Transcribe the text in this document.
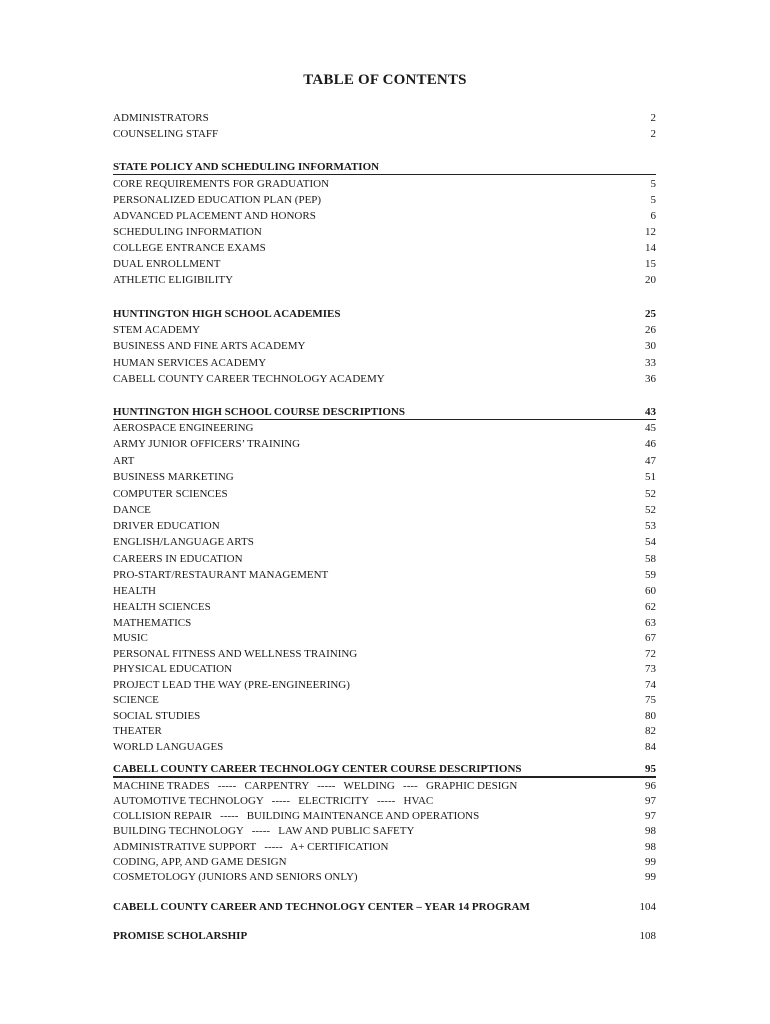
TABLE OF CONTENTS
ADMINISTRATORS	2
COUNSELING STAFF	2
STATE POLICY AND SCHEDULING INFORMATION
CORE REQUIREMENTS FOR GRADUATION	5
PERSONALIZED EDUCATION PLAN (PEP)	5
ADVANCED PLACEMENT AND HONORS	6
SCHEDULING INFORMATION	12
COLLEGE ENTRANCE EXAMS	14
DUAL ENROLLMENT	15
ATHLETIC ELIGIBILITY	20
HUNTINGTON HIGH SCHOOL ACADEMIES	25
STEM ACADEMY	26
BUSINESS AND FINE ARTS ACADEMY	30
HUMAN SERVICES ACADEMY	33
CABELL COUNTY CAREER TECHNOLOGY ACADEMY	36
HUNTINGTON HIGH SCHOOL COURSE DESCRIPTIONS	43
AEROSPACE ENGINEERING	45
ARMY JUNIOR OFFICERS’ TRAINING	46
ART	47
BUSINESS MARKETING	51
COMPUTER SCIENCES	52
DANCE	52
DRIVER EDUCATION	53
ENGLISH/LANGUAGE ARTS	54
CAREERS IN EDUCATION	58
PRO-START/RESTAURANT MANAGEMENT	59
HEALTH	60
HEALTH SCIENCES	62
MATHEMATICS	63
MUSIC	67
PERSONAL FITNESS AND WELLNESS TRAINING	72
PHYSICAL EDUCATION	73
PROJECT LEAD THE WAY (PRE-ENGINEERING)	74
SCIENCE	75
SOCIAL STUDIES	80
THEATER	82
WORLD LANGUAGES	84
CABELL COUNTY CAREER TECHNOLOGY CENTER COURSE DESCRIPTIONS	95
MACHINE TRADES   -----   CARPENTRY   -----   WELDING   ----   GRAPHIC DESIGN	96
AUTOMOTIVE TECHNOLOGY   -----   ELECTRICITY   -----   HVAC	97
COLLISION REPAIR   -----   BUILDING MAINTENANCE AND OPERATIONS	97
BUILDING TECHNOLOGY   -----   LAW AND PUBLIC SAFETY	98
ADMINISTRATIVE SUPPORT   -----   A+ CERTIFICATION	98
CODING, APP, AND GAME DESIGN	99
COSMETOLOGY (JUNIORS AND SENIORS ONLY)	99
CABELL COUNTY CAREER AND TECHNOLOGY CENTER – YEAR 14 PROGRAM	104
PROMISE SCHOLARSHIP	108
